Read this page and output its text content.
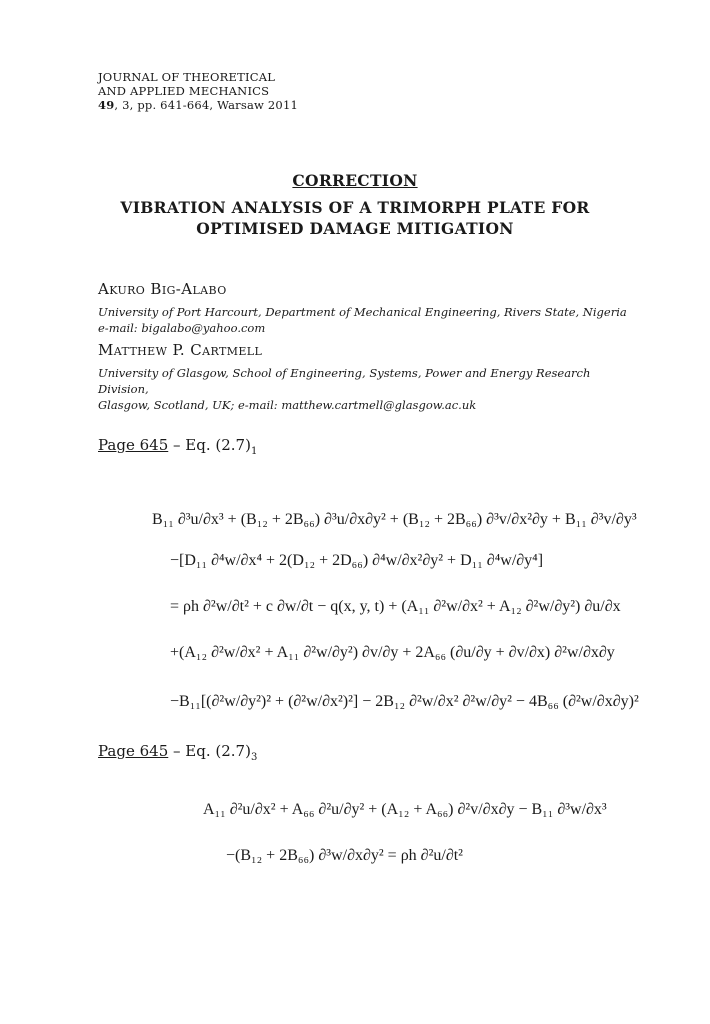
JOURNAL OF THEORETICAL
AND APPLIED MECHANICS
49, 3, pp. 641-664, Warsaw 2011
CORRECTION
VIBRATION ANALYSIS OF A TRIMORPH PLATE FOR
OPTIMISED DAMAGE MITIGATION
Akuro Big-Alabo
University of Port Harcourt, Department of Mechanical Engineering, Rivers State, Nigeria
e-mail: bigalabo@yahoo.com
Matthew P. Cartmell
University of Glasgow, School of Engineering, Systems, Power and Energy Research Division,
Glasgow, Scotland, UK; e-mail: matthew.cartmell@glasgow.ac.uk
Page 645 – Eq. $(2.7)_1$
B₁₁ ∂³u/∂x³ + (B₁₂ + 2B₆₆) ∂³u/∂x∂y² + (B₁₂ + 2B₆₆) ∂³v/∂x²∂y + B₁₁ ∂³v/∂y³
−[D₁₁ ∂⁴w/∂x⁴ + 2(D₁₂ + 2D₆₆) ∂⁴w/∂x²∂y² + D₁₁ ∂⁴w/∂y⁴]
= ρh ∂²w/∂t² + c ∂w/∂t − q(x, y, t) + (A₁₁ ∂²w/∂x² + A₁₂ ∂²w/∂y²) ∂u/∂x
+(A₁₂ ∂²w/∂x² + A₁₁ ∂²w/∂y²) ∂v/∂y + 2A₆₆ (∂u/∂y + ∂v/∂x) ∂²w/∂x∂y
−B₁₁[(∂²w/∂y²)² + (∂²w/∂x²)²] − 2B₁₂ ∂²w/∂x² ∂²w/∂y² − 4B₆₆ (∂²w/∂x∂y)²
Page 645 – Eq. $(2.7)_3$
A₁₁ ∂²u/∂x² + A₆₆ ∂²u/∂y² + (A₁₂ + A₆₆) ∂²v/∂x∂y − B₁₁ ∂³w/∂x³
−(B₁₂ + 2B₆₆) ∂³w/∂x∂y² = ρh ∂²u/∂t²
